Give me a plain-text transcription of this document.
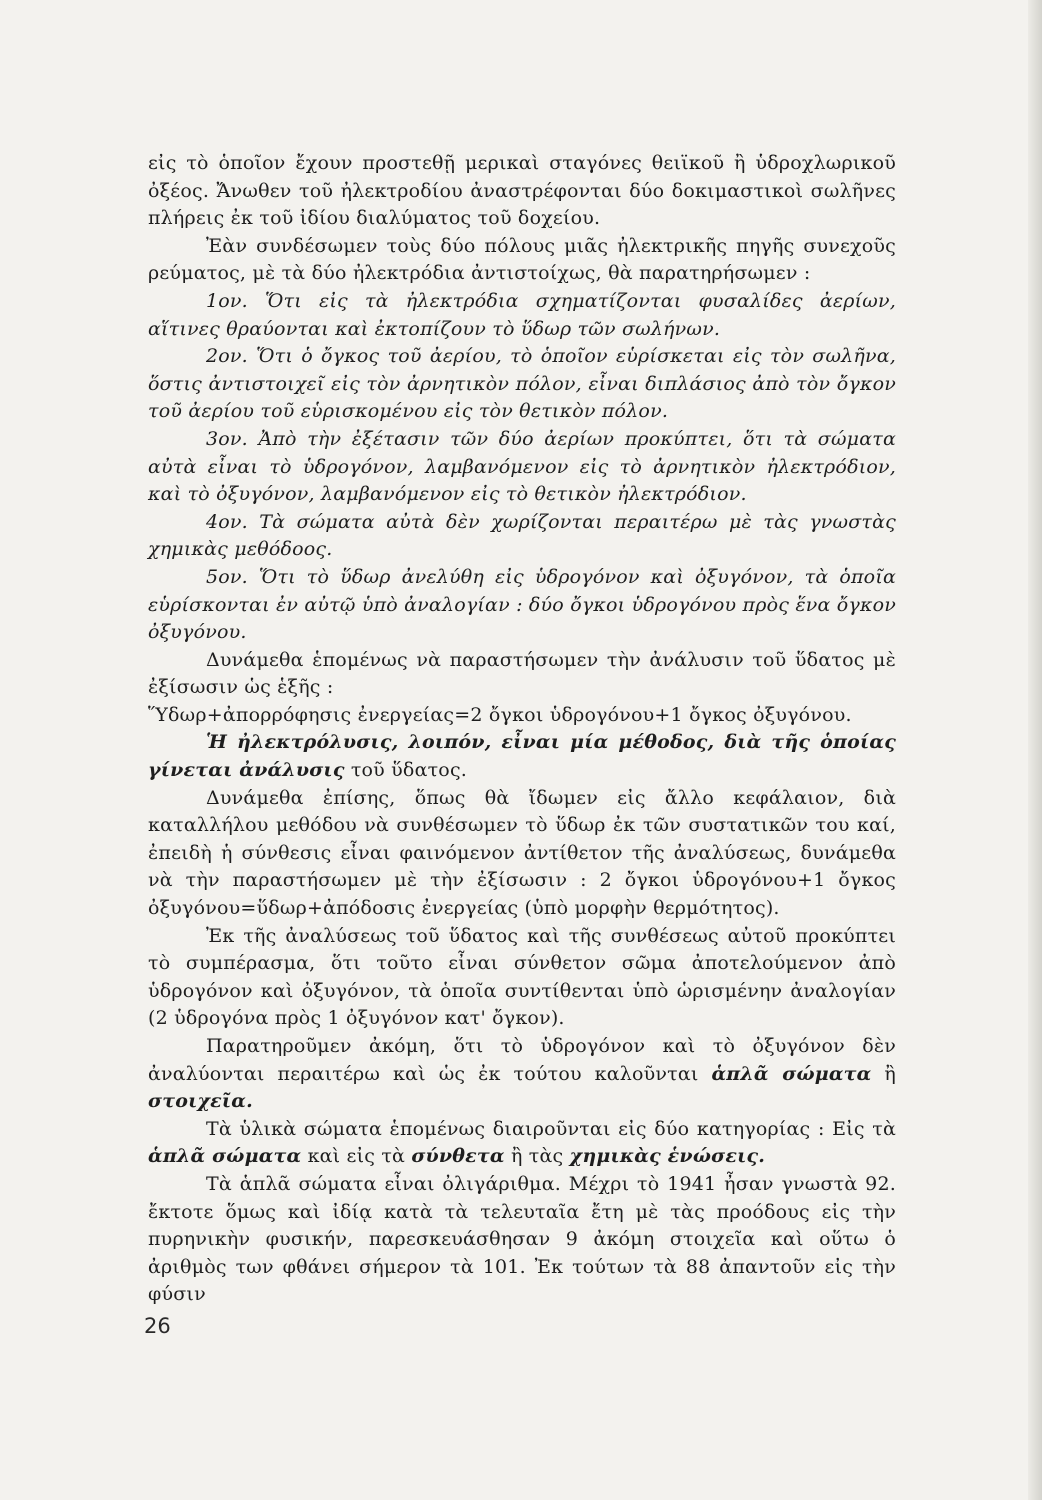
εἰς τὸ ὁποῖον ἔχουν προστεθῇ μερικαὶ σταγόνες θειϊκοῦ ἢ ὑδροχλωρικοῦ ὀξέος. Ἄνωθεν τοῦ ἠλεκτροδίου ἀναστρέφονται δύο δοκιμαστικοὶ σωλῆνες πλήρεις ἐκ τοῦ ἰδίου διαλύματος τοῦ δοχείου.

Ἐὰν συνδέσωμεν τοὺς δύο πόλους μιᾶς ἠλεκτρικῆς πηγῆς συνεχοῦς ρεύματος, μὲ τὰ δύο ἠλεκτρόδια ἀντιστοίχως, θὰ παρατηρήσωμεν :

1ον. Ὅτι εἰς τὰ ἠλεκτρόδια σχηματίζονται φυσαλίδες ἀερίων, αἵτινες θραύονται καὶ ἐκτοπίζουν τὸ ὕδωρ τῶν σωλήνων.

2ον. Ὅτι ὁ ὄγκος τοῦ ἀερίου, τὸ ὁποῖον εὑρίσκεται εἰς τὸν σωλῆνα, ὅστις ἀντιστοιχεῖ εἰς τὸν ἀρνητικὸν πόλον, εἶναι διπλάσιος ἀπὸ τὸν ὄγκον τοῦ ἀερίου τοῦ εὑρισκομένου εἰς τὸν θετικὸν πόλον.

3ον. Ἀπὸ τὴν ἐξέτασιν τῶν δύο ἀερίων προκύπτει, ὅτι τὰ σώματα αὐτὰ εἶναι τὸ ὑδρογόνον, λαμβανόμενον εἰς τὸ ἀρνητικὸν ἠλεκτρόδιον, καὶ τὸ ὀξυγόνον, λαμβανόμενον εἰς τὸ θετικὸν ἠλεκτρόδιον.

4ον. Τὰ σώματα αὐτὰ δὲν χωρίζονται περαιτέρω μὲ τὰς γνωστὰς χημικὰς μεθόδοος.

5ον. Ὅτι τὸ ὕδωρ ἀνελύθη εἰς ὑδρογόνον καὶ ὀξυγόνον, τὰ ὁποῖα εὑρίσκονται ἐν αὐτῷ ὑπὸ ἀναλογίαν : δύο ὄγκοι ὑδρογόνου πρὸς ἕνα ὄγκον ὀξυγόνου.

Δυνάμεθα ἑπομένως νὰ παραστήσωμεν τὴν ἀνάλυσιν τοῦ ὕδατος μὲ ἐξίσωσιν ὡς ἑξῆς :

Ὕδωρ+ἀπορρόφησις ἐνεργείας=2 ὄγκοι ὑδρογόνου+1 ὄγκος ὀξυγόνου.

Ἡ ἠλεκτρόλυσις, λοιπόν, εἶναι μία μέθοδος, διὰ τῆς ὁποίας γίνεται ἀνάλυσις τοῦ ὕδατος.

Δυνάμεθα ἐπίσης, ὅπως θὰ ἴδωμεν εἰς ἄλλο κεφάλαιον, διὰ καταλλήλου μεθόδου νὰ συνθέσωμεν τὸ ὕδωρ ἐκ τῶν συστατικῶν του καί, ἐπειδὴ ἡ σύνθεσις εἶναι φαινόμενον ἀντίθετον τῆς ἀναλύσεως, δυνάμεθα νὰ τὴν παραστήσωμεν μὲ τὴν ἐξίσωσιν : 2 ὄγκοι ὑδρογόνου+1 ὄγκος ὀξυγόνου=ὕδωρ+ἀπόδοσις ἐνεργείας (ὑπὸ μορφὴν θερμότητος).

Ἐκ τῆς ἀναλύσεως τοῦ ὕδατος καὶ τῆς συνθέσεως αὐτοῦ προκύπτει τὸ συμπέρασμα, ὅτι τοῦτο εἶναι σύνθετον σῶμα ἀποτελούμενον ἀπὸ ὑδρογόνον καὶ ὀξυγόνον, τὰ ὁποῖα συντίθενται ὑπὸ ὡρισμένην ἀναλογίαν (2 ὑδρογόνα πρὸς 1 ὀξυγόνον κατ' ὄγκον).

Παρατηροῦμεν ἀκόμη, ὅτι τὸ ὑδρογόνον καὶ τὸ ὀξυγόνον δὲν ἀναλύονται περαιτέρω καὶ ὡς ἐκ τούτου καλοῦνται ἁπλᾶ σώματα ἢ στοιχεῖα.

Τὰ ὑλικὰ σώματα ἑπομένως διαιροῦνται εἰς δύο κατηγορίας : Εἰς τὰ ἁπλᾶ σώματα καὶ εἰς τὰ σύνθετα ἢ τὰς χημικὰς ἑνώσεις.

Τὰ ἁπλᾶ σώματα εἶναι ὀλιγάριθμα. Μέχρι τὸ 1941 ἦσαν γνωστὰ 92. ἔκτοτε ὅμως καὶ ἰδίᾳ κατὰ τὰ τελευταῖα ἔτη μὲ τὰς προόδους εἰς τὴν πυρηνικὴν φυσικήν, παρεσκευάσθησαν 9 ἀκόμη στοιχεῖα καὶ οὕτω ὁ ἀριθμὸς των φθάνει σήμερον τὰ 101. Ἐκ τούτων τὰ 88 ἀπαντοῦν εἰς τὴν φύσιν

26
